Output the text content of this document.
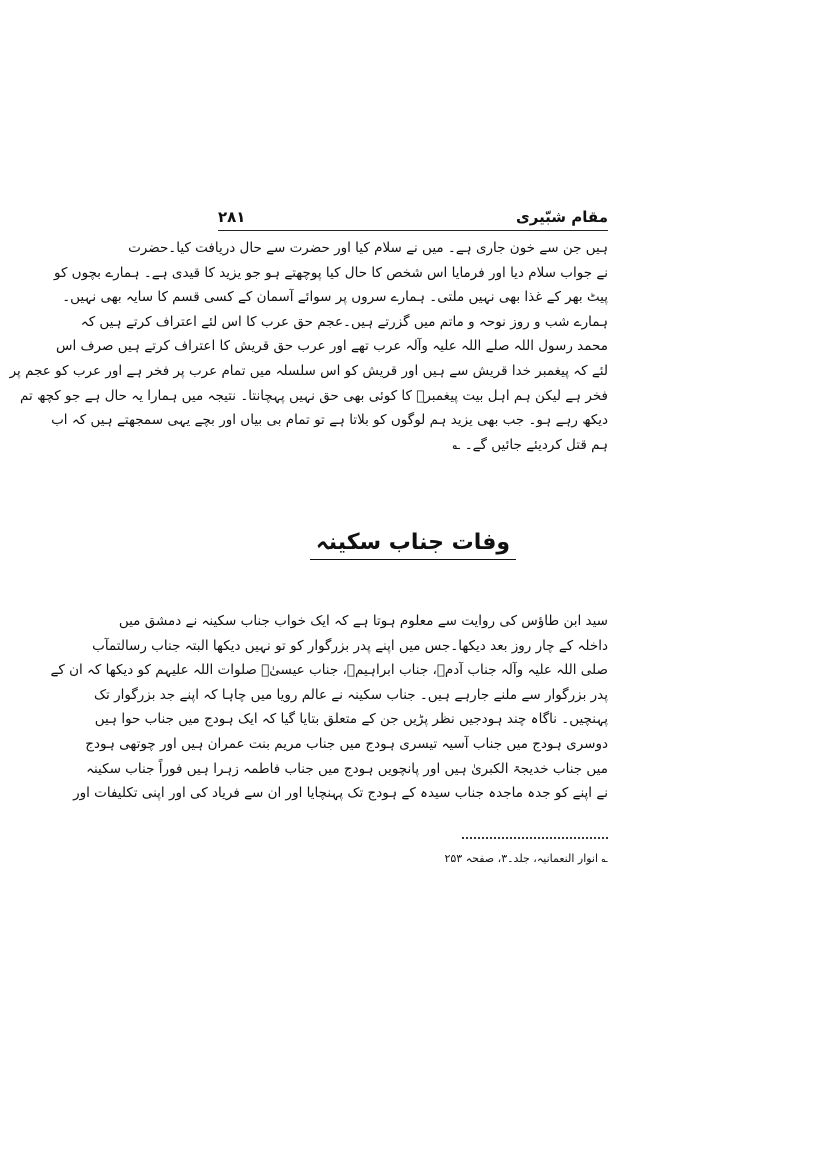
مقام شبّیری
۲۸۱
ہیں جن سے خون جاری ہے۔ میں نے سلام کیا اور حضرت سے حال دریافت کیا۔حضرت
نے جواب سلام دیا اور فرمایا اس شخص کا حال کیا پوچھتے ہو جو یزید کا قیدی ہے۔ ہمارے بچوں کو
پیٹ بھر کے غذا بھی نہیں ملتی۔ ہمارے سروں پر سوائے آسمان کے کسی قسم کا سایہ بھی نہیں۔
ہمارے شب و روز نوحہ و ماتم میں گزرتے ہیں۔عجم حق عرب کا اس لئے اعتراف کرتے ہیں کہ
محمد رسول اللہ صلے اللہ علیہ وآلہ عرب تھے اور عرب حق قریش کا اعتراف کرتے ہیں صرف اس
لئے کہ پیغمبر خدا قریش سے ہیں اور قریش کو اس سلسلہ میں تمام عرب پر فخر ہے اور عرب کو عجم پر
فخر ہے لیکن ہم اہل بیت پیغمبرؐ کا کوئی بھی حق نہیں پہچانتا۔ نتیجہ میں ہمارا یہ حال ہے جو کچھ تم
دیکھ رہے ہو۔ جب بھی یزید ہم لوگوں کو بلاتا ہے تو تمام بی بیاں اور بچے یہی سمجھتے ہیں کہ اب
ہم قتل کردیئے جائیں گے۔ ؎
وفات جناب سکینہ
سید ابن طاؤس کی روایت سے معلوم ہوتا ہے کہ ایک خواب جناب سکینہ نے دمشق میں
داخلہ کے چار روز بعد دیکھا۔جس میں اپنے پدر بزرگوار کو تو نہیں دیکھا البتہ جناب رسالتمآب
صلی اللہ علیہ وآلہ جناب آدمؑ، جناب ابراہیمؑ، جناب عیسیٰؑ صلوات اللہ علیہم کو دیکھا کہ ان کے
پدر بزرگوار سے ملنے جارہے ہیں۔ جناب سکینہ نے عالم رویا میں چاہا کہ اپنے جد بزرگوار تک
پہنچیں۔ ناگاہ چند ہودجیں نظر پڑیں جن کے متعلق بتایا گیا کہ ایک ہودج میں جناب حوا ہیں
دوسری ہودج میں جناب آسیہ تیسری ہودج میں جناب مریم بنت عمران ہیں اور چوتھی ہودج
میں جناب خدیجۃ الکبریٰ ہیں اور پانچویں ہودج میں جناب فاطمہ زہرا ہیں فوراً جناب سکینہ
نے اپنے کو جدہ ماجدہ جناب سیدہ کے ہودج تک پہنچایا اور ان سے فریاد کی اور اپنی تکلیفات اور
؎ انوار النعمانیہ، جلد۔۳، صفحہ ۲۵۳
